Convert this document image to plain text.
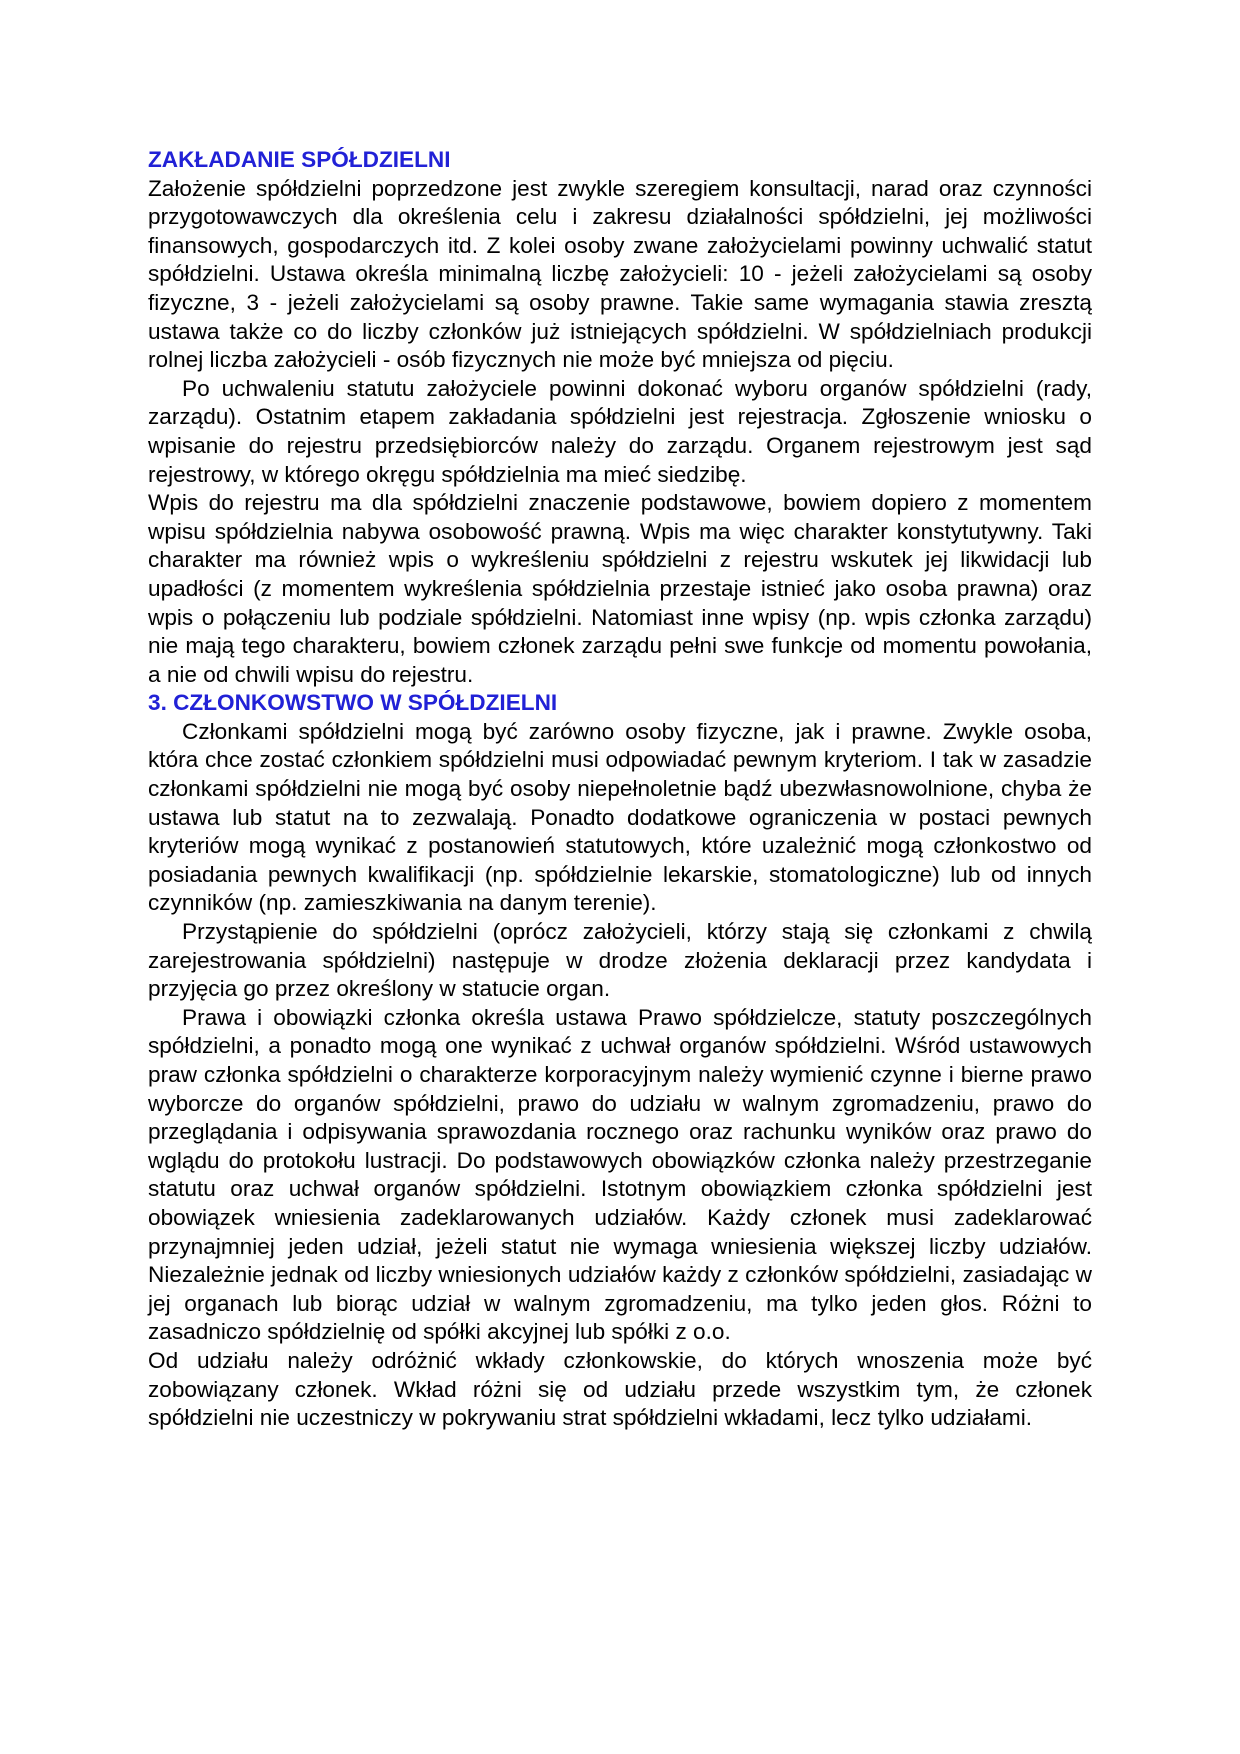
ZAKŁADANIE SPÓŁDZIELNI

Założenie spółdzielni poprzedzone jest zwykle szeregiem konsultacji, narad oraz czynności przygotowawczych dla określenia celu i zakresu działalności spółdzielni, jej możliwości finansowych, gospodarczych itd. Z kolei osoby zwane założycielami powinny uchwalić statut spółdzielni. Ustawa określa minimalną liczbę założycieli: 10 - jeżeli założycielami są osoby fizyczne, 3 - jeżeli założycielami są osoby prawne. Takie same wymagania stawia zresztą ustawa także co do liczby członków już istniejących spółdzielni. W spółdzielniach produkcji rolnej liczba założycieli - osób fizycznych nie może być mniejsza od pięciu.

Po uchwaleniu statutu założyciele powinni dokonać wyboru organów spółdzielni (rady, zarządu). Ostatnim etapem zakładania spółdzielni jest rejestracja. Zgłoszenie wniosku o wpisanie do rejestru przedsiębiorców należy do zarządu. Organem rejestrowym jest sąd rejestrowy, w którego okręgu spółdzielnia ma mieć siedzibę.

Wpis do rejestru ma dla spółdzielni znaczenie podstawowe, bowiem dopiero z momentem wpisu spółdzielnia nabywa osobowość prawną. Wpis ma więc charakter konstytutywny. Taki charakter ma również wpis o wykreśleniu spółdzielni z rejestru wskutek jej likwidacji lub upadłości (z momentem wykreślenia spółdzielnia przestaje istnieć jako osoba prawna) oraz wpis o połączeniu lub podziale spółdzielni. Natomiast inne wpisy (np. wpis członka zarządu) nie mają tego charakteru, bowiem członek zarządu pełni swe funkcje od momentu powołania, a nie od chwili wpisu do rejestru.

3. CZŁONKOWSTWO W SPÓŁDZIELNI

Członkami spółdzielni mogą być zarówno osoby fizyczne, jak i prawne. Zwykle osoba, która chce zostać członkiem spółdzielni musi odpowiadać pewnym kryteriom. I tak w zasadzie członkami spółdzielni nie mogą być osoby niepełnoletnie bądź ubezwłasnowolnione, chyba że ustawa lub statut na to zezwalają. Ponadto dodatkowe ograniczenia w postaci pewnych kryteriów mogą wynikać z postanowień statutowych, które uzależnić mogą członkostwo od posiadania pewnych kwalifikacji (np. spółdzielnie lekarskie, stomatologiczne) lub od innych czynników (np. zamieszkiwania na danym terenie).

Przystąpienie do spółdzielni (oprócz założycieli, którzy stają się członkami z chwilą zarejestrowania spółdzielni) następuje w drodze złożenia deklaracji przez kandydata i przyjęcia go przez określony w statucie organ.

Prawa i obowiązki członka określa ustawa Prawo spółdzielcze, statuty poszczególnych spółdzielni, a ponadto mogą one wynikać z uchwał organów spółdzielni. Wśród ustawowych praw członka spółdzielni o charakterze korporacyjnym należy wymienić czynne i bierne prawo wyborcze do organów spółdzielni, prawo do udziału w walnym zgromadzeniu, prawo do przeglądania i odpisywania sprawozdania rocznego oraz rachunku wyników oraz prawo do wglądu do protokołu lustracji. Do podstawowych obowiązków członka należy przestrzeganie statutu oraz uchwał organów spółdzielni. Istotnym obowiązkiem członka spółdzielni jest obowiązek wniesienia zadeklarowanych udziałów. Każdy członek musi zadeklarować przynajmniej jeden udział, jeżeli statut nie wymaga wniesienia większej liczby udziałów. Niezależnie jednak od liczby wniesionych udziałów każdy z członków spółdzielni, zasiadając w jej organach lub biorąc udział w walnym zgromadzeniu, ma tylko jeden głos. Różni to zasadniczo spółdzielnię od spółki akcyjnej lub spółki z o.o.

Od udziału należy odróżnić wkłady członkowskie, do których wnoszenia może być zobowiązany członek. Wkład różni się od udziału przede wszystkim tym, że członek spółdzielni nie uczestniczy w pokrywaniu strat spółdzielni wkładami, lecz tylko udziałami.
